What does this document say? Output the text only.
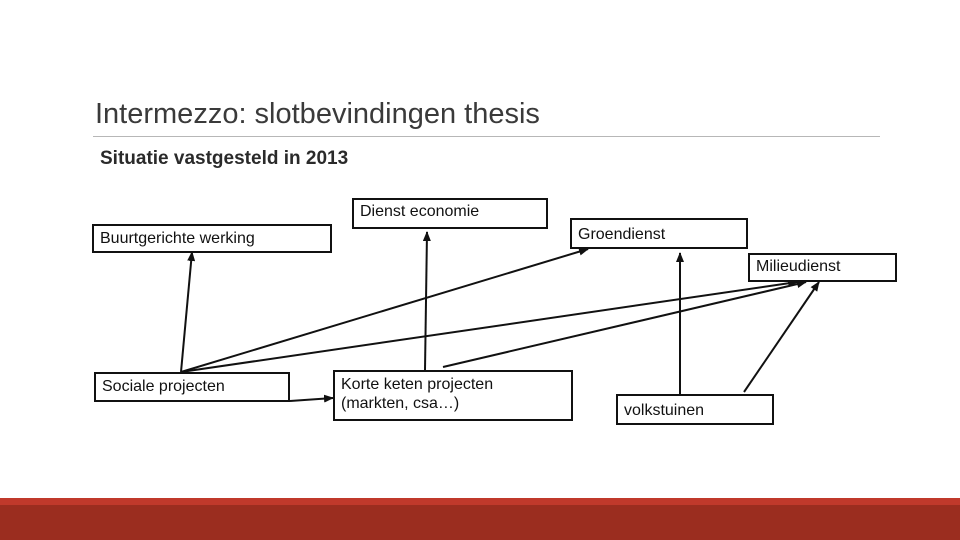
Intermezzo: slotbevindingen thesis
Situatie vastgesteld in 2013
Dienst economie
Buurtgerichte werking	Groendienst
Milieudienst
Sociale projecten	Korte keten projecten
(markten, csa…)	volkstuinen
